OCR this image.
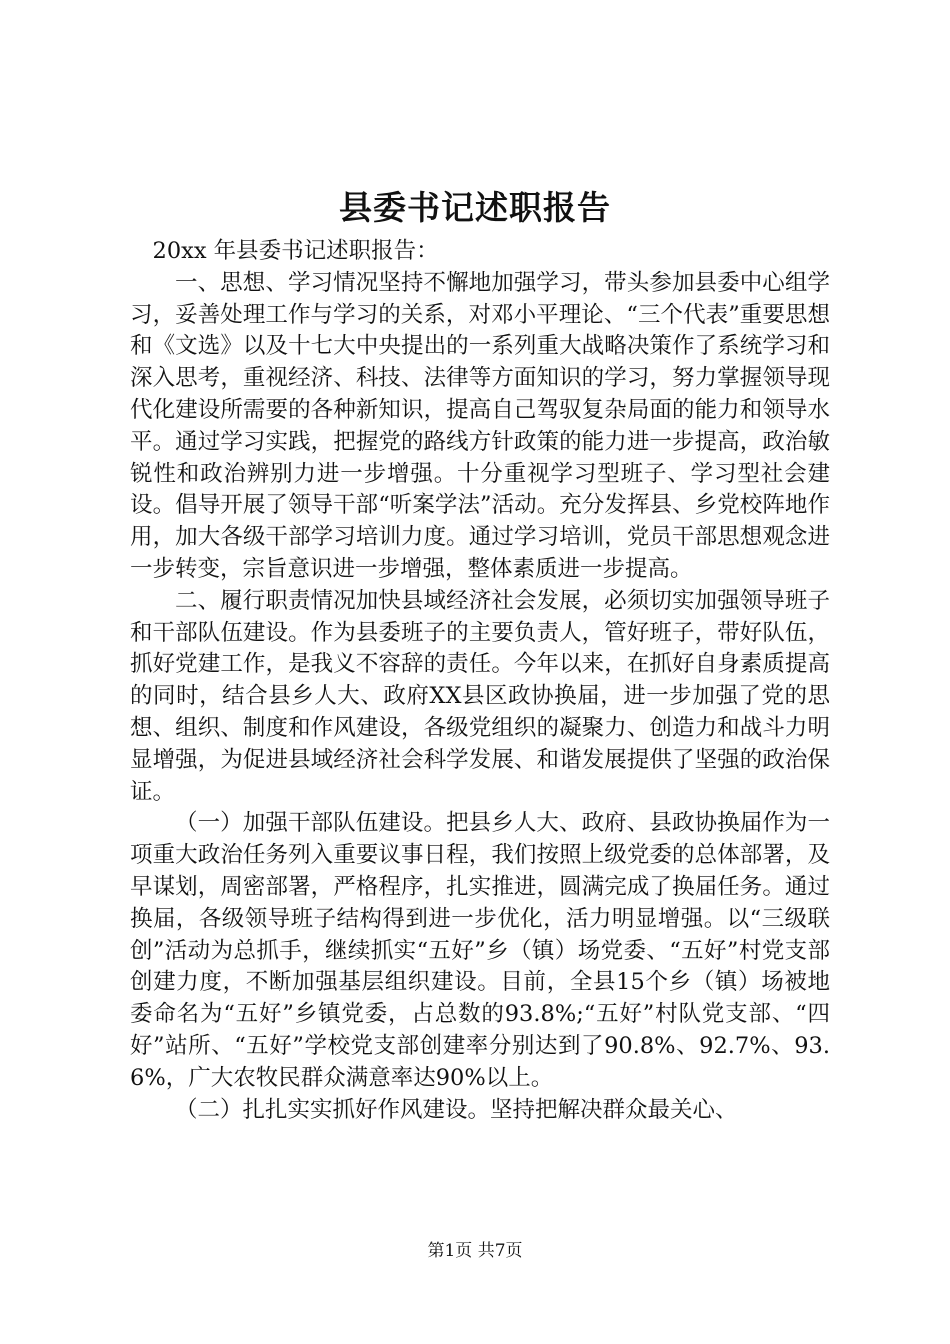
县委书记述职报告

20xx 年县委书记述职报告：

一、思想、学习情况坚持不懈地加强学习，带头参加县委中心组学习，妥善处理工作与学习的关系，对邓小平理论、“三个代表”重要思想和《文选》以及十七大中央提出的一系列重大战略决策作了系统学习和深入思考，重视经济、科技、法律等方面知识的学习，努力掌握领导现代化建设所需要的各种新知识，提高自己驾驭复杂局面的能力和领导水平。通过学习实践，把握党的路线方针政策的能力进一步提高，政治敏锐性和政治辨别力进一步增强。十分重视学习型班子、学习型社会建设。倡导开展了领导干部“听案学法”活动。充分发挥县、乡党校阵地作用，加大各级干部学习培训力度。通过学习培训，党员干部思想观念进一步转变，宗旨意识进一步增强，整体素质进一步提高。

二、履行职责情况加快县域经济社会发展，必须切实加强领导班子和干部队伍建设。作为县委班子的主要负责人，管好班子，带好队伍，抓好党建工作，是我义不容辞的责任。今年以来，在抓好自身素质提高的同时，结合县乡人大、政府XX县区政协换届，进一步加强了党的思想、组织、制度和作风建设，各级党组织的凝聚力、创造力和战斗力明显增强，为促进县域经济社会科学发展、和谐发展提供了坚强的政治保证。

（一）加强干部队伍建设。把县乡人大、政府、县政协换届作为一项重大政治任务列入重要议事日程，我们按照上级党委的总体部署，及早谋划，周密部署，严格程序，扎实推进，圆满完成了换届任务。通过换届，各级领导班子结构得到进一步优化，活力明显增强。以“三级联创”活动为总抓手，继续抓实“五好”乡（镇）场党委、“五好”村党支部创建力度，不断加强基层组织建设。目前，全县15个乡（镇）场被地委命名为“五好”乡镇党委，占总数的93.8%;“五好”村队党支部、“四好”站所、“五好”学校党支部创建率分别达到了90.8%、92.7%、93.6%，广大农牧民群众满意率达90%以上。

（二）扎扎实实抓好作风建设。坚持把解决群众最关心、

第1页 共7页
